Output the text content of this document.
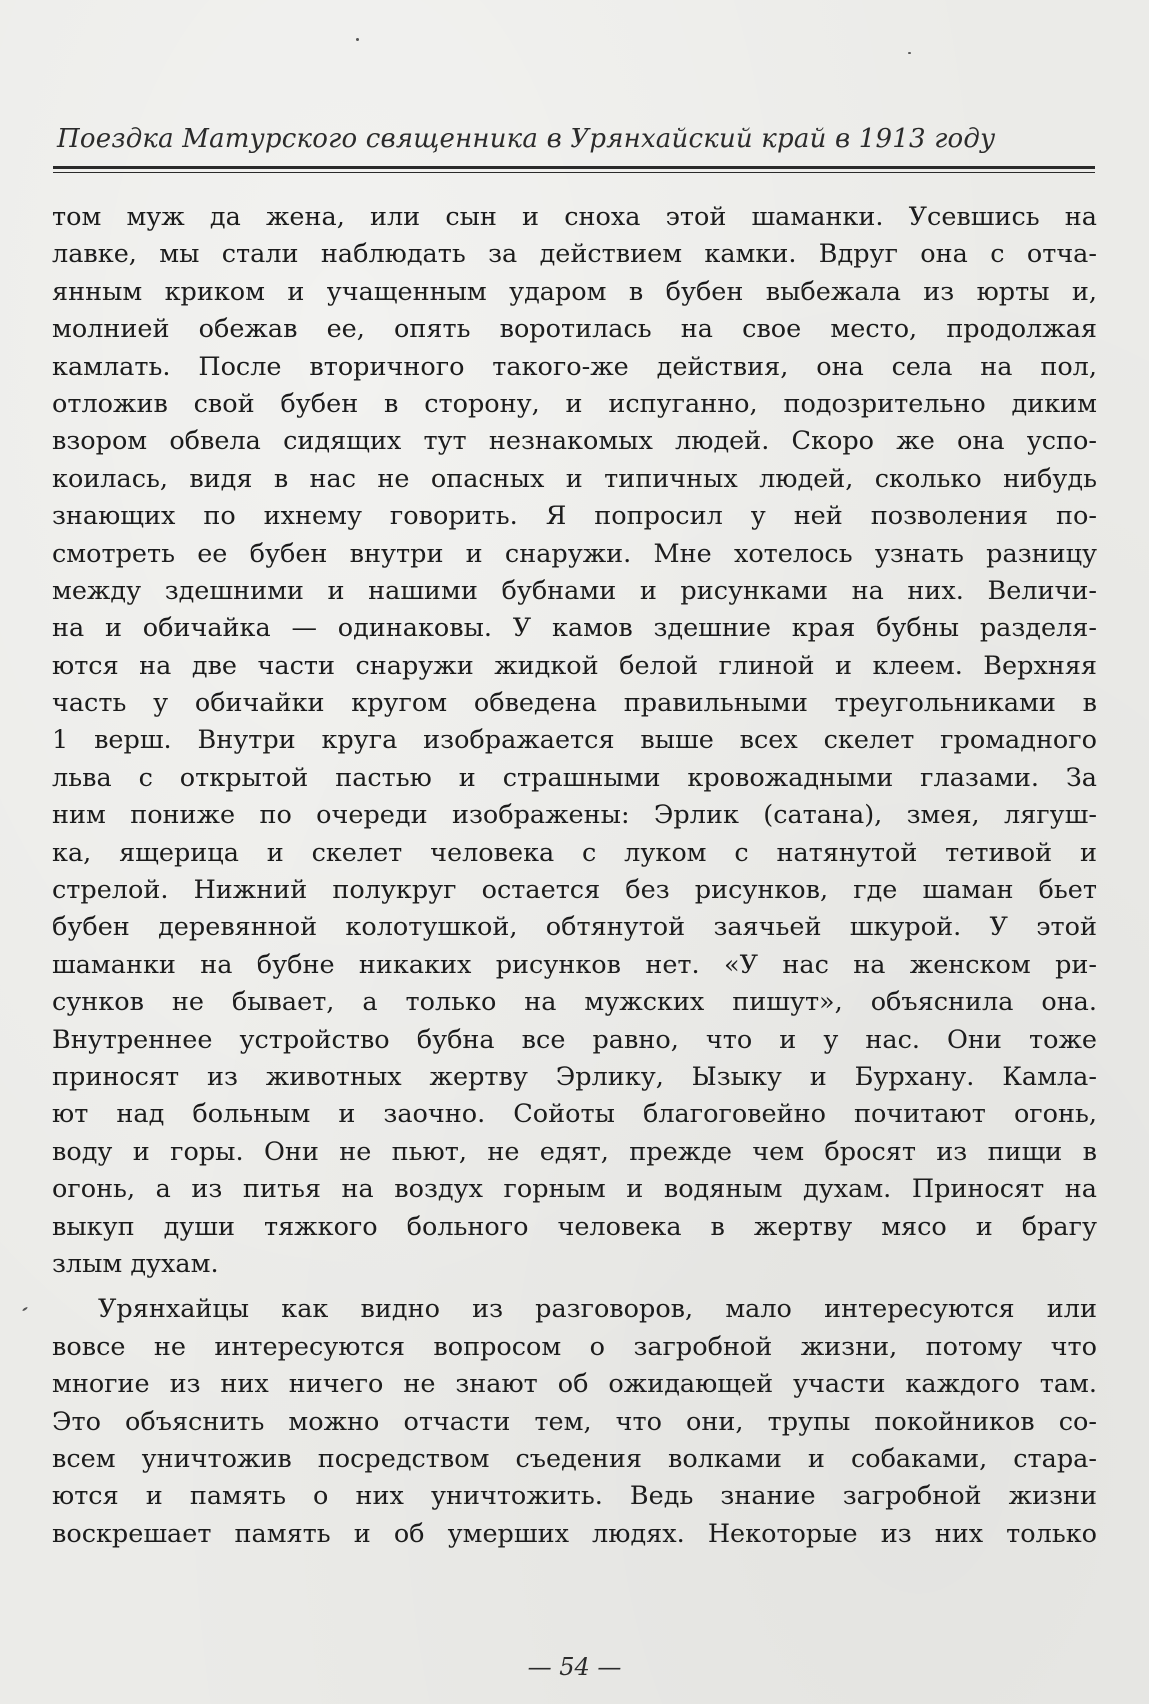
Поездка Матурского священника в Урянхайский край в 1913 году
том муж да жена, или сын и сноха этой шаманки. Усевшись на
лавке, мы стали наблюдать за действием камки. Вдруг она с отча-
янным криком и учащенным ударом в бубен выбежала из юрты и,
молнией обежав ее, опять воротилась на свое место, продолжая
камлать. После вторичного такого-же действия, она села на пол,
отложив свой бубен в сторону, и испуганно, подозрительно диким
взором обвела сидящих тут незнакомых людей. Скоро же она успо-
коилась, видя в нас не опасных и типичных людей, сколько нибудь
знающих по ихнему говорить. Я попросил у ней позволения по-
смотреть ее бубен внутри и снаружи. Мне хотелось узнать разницу
между здешними и нашими бубнами и рисунками на них. Величи-
на и обичайка — одинаковы. У камов здешние края бубны разделя-
ются на две части снаружи жидкой белой глиной и клеем. Верхняя
часть у обичайки кругом обведена правильными треугольниками в
1 верш. Внутри круга изображается выше всех скелет громадного
льва с открытой пастью и страшными кровожадными глазами. За
ним пониже по очереди изображены: Эрлик (сатана), змея, лягуш-
ка, ящерица и скелет человека с луком с натянутой тетивой и
стрелой. Нижний полукруг остается без рисунков, где шаман бьет
бубен деревянной колотушкой, обтянутой заячьей шкурой. У этой
шаманки на бубне никаких рисунков нет. «У нас на женском ри-
сунков не бывает, а только на мужских пишут», объяснила она.
Внутреннее устройство бубна все равно, что и у нас. Они тоже
приносят из животных жертву Эрлику, Ызыку и Бурхану. Камла-
ют над больным и заочно. Сойоты благоговейно почитают огонь,
воду и горы. Они не пьют, не едят, прежде чем бросят из пищи в
огонь, а из питья на воздух горным и водяным духам. Приносят на
выкуп души тяжкого больного человека в жертву мясо и брагу
злым духам.
Урянхайцы как видно из разговоров, мало интересуются или
вовсе не интересуются вопросом о загробной жизни, потому что
многие из них ничего не знают об ожидающей участи каждого там.
Это объяснить можно отчасти тем, что они, трупы покойников со-
всем уничтожив посредством съедения волками и собаками, стара-
ются и память о них уничтожить. Ведь знание загробной жизни
воскрешает память и об умерших людях. Некоторые из них только
— 54 —
